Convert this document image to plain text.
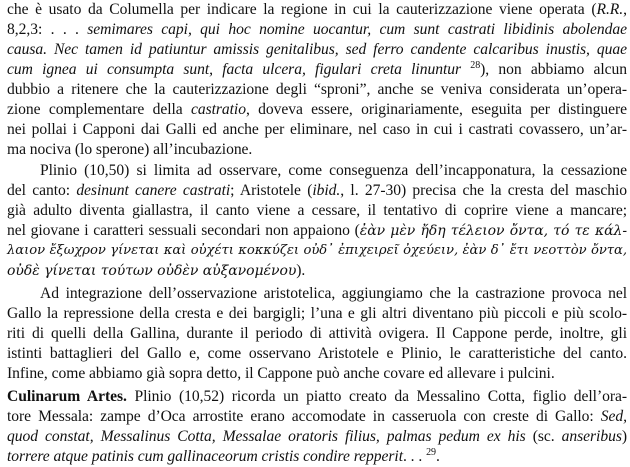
che è usato da Columella per indicare la regione in cui la cauterizzazione viene operata (R.R.,
8,2,3: . . . semimares capi, qui hoc nomine uocantur, cum sunt castrati libidinis abolendae
causa. Nec tamen id patiuntur amissis genitalibus, sed ferro candente calcaribus inustis, quae
cum ignea ui consumpta sunt, facta ulcera, figulari creta linuntur $^{28}$), non abbiamo alcun
dubbio a ritenere che la cauterizzazione degli “sproni”, anche se veniva considerata un’opera-
zione complementare della castratio, doveva essere, originariamente, eseguita per distinguere
nei pollai i Capponi dai Galli ed anche per eliminare, nel caso in cui i castrati covassero, un’ar-
ma nociva (lo sperone) all’incubazione.
Plinio (10,50) si limita ad osservare, come conseguenza dell’incapponatura, la cessazione
del canto: desinunt canere castrati; Aristotele (ibid., l. 27-30) precisa che la cresta del maschio
già adulto diventa giallastra, il canto viene a cessare, il tentativo di coprire viene a mancare;
nel giovane i caratteri sessuali secondari non appaiono (ἐὰν μὲν ἤδη τέλειον ὄντα, τό τε κάλ-
λαιον ἔξωχρον γίνεται καὶ οὐχέτι κοκκύζει οὐδ᾽ ἐπιχειρεῖ ὀχεύειν, ἐὰν δ᾽ ἔτι νεοττὸν ὄντα,
οὐδὲ γίνεται τούτων οὐδὲν αὐξανομένου).
Ad integrazione dell’osservazione aristotelica, aggiungiamo che la castrazione provoca nel
Gallo la repressione della cresta e dei bargigli; l’una e gli altri diventano più piccoli e più scolo-
riti di quelli della Gallina, durante il periodo di attività ovigera. Il Cappone perde, inoltre, gli
istinti battaglieri del Gallo e, come osservano Aristotele e Plinio, le caratteristiche del canto.
Infine, come abbiamo già sopra detto, il Cappone può anche covare ed allevare i pulcini.
Culinarum Artes. Plinio (10,52) ricorda un piatto creato da Messalino Cotta, figlio dell’ora-
tore Messala: zampe d’Oca arrostite erano accomodate in casseruola con creste di Gallo: Sed,
quod constat, Messalinus Cotta, Messalae oratoris filius, palmas pedum ex his (sc. anseribus)
torrere atque patinis cum gallinaceorum cristis condire repperit. . . $^{29}$.
